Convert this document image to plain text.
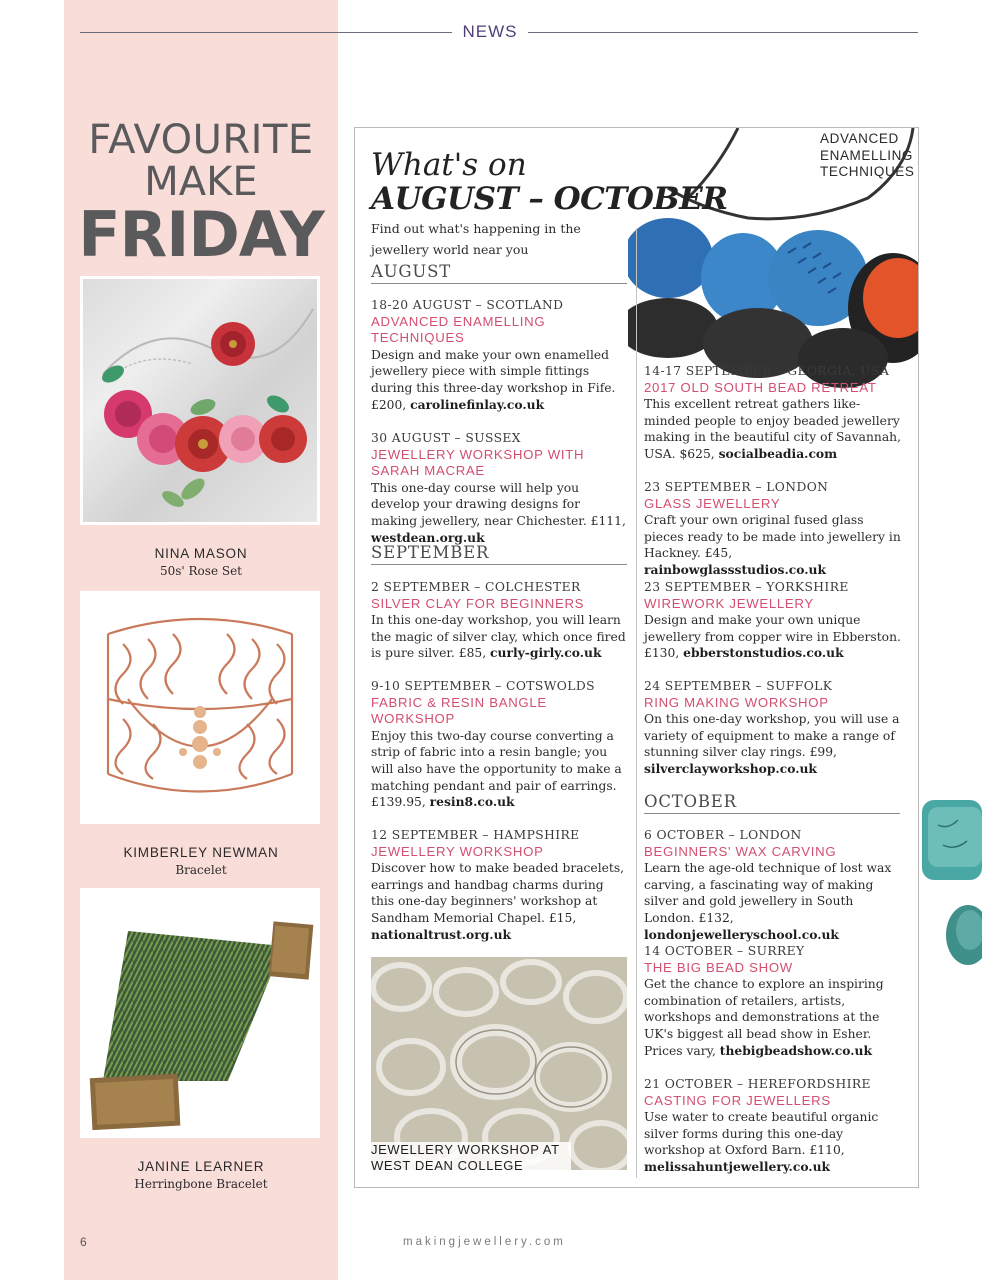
NEWS
FAVOURITE
MAKE
FRIDAY
NINA MASON
50s' Rose Set
KIMBERLEY NEWMAN
Bracelet
JANINE LEARNER
Herringbone Bracelet
ADVANCED ENAMELLING TECHNIQUES
What's on
AUGUST – OCTOBER
Find out what's happening in the jewellery world near you
AUGUST
SEPTEMBER
OCTOBER
18-20 AUGUST – SCOTLAND
ADVANCED ENAMELLING TECHNIQUES
Design and make your own enamelled jewellery piece with simple fittings during this three-day workshop in Fife. £200, carolinefinlay.co.uk
30 AUGUST – SUSSEX
JEWELLERY WORKSHOP WITH SARAH MACRAE
This one-day course will help you develop your drawing designs for making jewellery, near Chichester. £111, westdean.org.uk
2 SEPTEMBER – COLCHESTER
SILVER CLAY FOR BEGINNERS
In this one-day workshop, you will learn the magic of silver clay, which once fired is pure silver. £85, curly-girly.co.uk
9-10 SEPTEMBER – COTSWOLDS
FABRIC & RESIN BANGLE WORKSHOP
Enjoy this two-day course converting a strip of fabric into a resin bangle; you will also have the opportunity to make a matching pendant and pair of earrings. £139.95, resin8.co.uk
12 SEPTEMBER – HAMPSHIRE
JEWELLERY WORKSHOP
Discover how to make beaded bracelets, earrings and handbag charms during this one-day beginners' workshop at Sandham Memorial Chapel. £15, nationaltrust.org.uk
JEWELLERY WORKSHOP AT WEST DEAN COLLEGE
14-17 SEPTEMBER – GEORGIA, USA
2017 OLD SOUTH BEAD RETREAT
This excellent retreat gathers like-minded people to enjoy beaded jewellery making in the beautiful city of Savannah, USA. $625, socialbeadia.com
23 SEPTEMBER – LONDON
GLASS JEWELLERY
Craft your own original fused glass pieces ready to be made into jewellery in Hackney. £45, rainbowglassstudios.co.uk
23 SEPTEMBER – YORKSHIRE
WIREWORK JEWELLERY
Design and make your own unique jewellery from copper wire in Ebberston. £130, ebberstonstudios.co.uk
24 SEPTEMBER – SUFFOLK
RING MAKING WORKSHOP
On this one-day workshop, you will use a variety of equipment to make a range of stunning silver clay rings. £99, silverclayworkshop.co.uk
6 OCTOBER – LONDON
BEGINNERS' WAX CARVING
Learn the age-old technique of lost wax carving, a fascinating way of making silver and gold jewellery in South London. £132, londonjewelleryschool.co.uk
14 OCTOBER – SURREY
THE BIG BEAD SHOW
Get the chance to explore an inspiring combination of retailers, artists, workshops and demonstrations at the UK's biggest all bead show in Esher. Prices vary, thebigbeadshow.co.uk
21 OCTOBER – HEREFORDSHIRE
CASTING FOR JEWELLERS
Use water to create beautiful organic silver forms during this one-day workshop at Oxford Barn. £110, melissahuntjewellery.co.uk
6	makingjewellery.com
